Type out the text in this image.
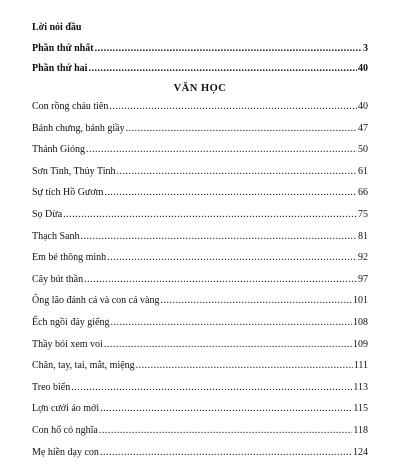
Lời nói đầu
Phần thứ nhất .....	3
Phần thứ hai .....	40
VĂN HỌC
Con rồng cháu tiên .....	40
Bánh chưng, bánh giầy .....	47
Thánh Gióng .....	50
Sơn Tinh, Thủy Tinh .....	61
Sự tích Hồ Gươm .....	66
Sọ Dừa .....	75
Thạch Sanh .....	81
Em bé thông minh .....	92
Cây bút thần .....	97
Ông lão đánh cá và con cá vàng .....	101
Ếch ngồi đáy giếng .....	108
Thầy bói xem voi .....	109
Chân, tay, tai, mắt, miệng .....	111
Treo biển .....	113
Lợn cưới áo mới .....	115
Con hổ có nghĩa .....	118
Mẹ hiền dạy con .....	124
